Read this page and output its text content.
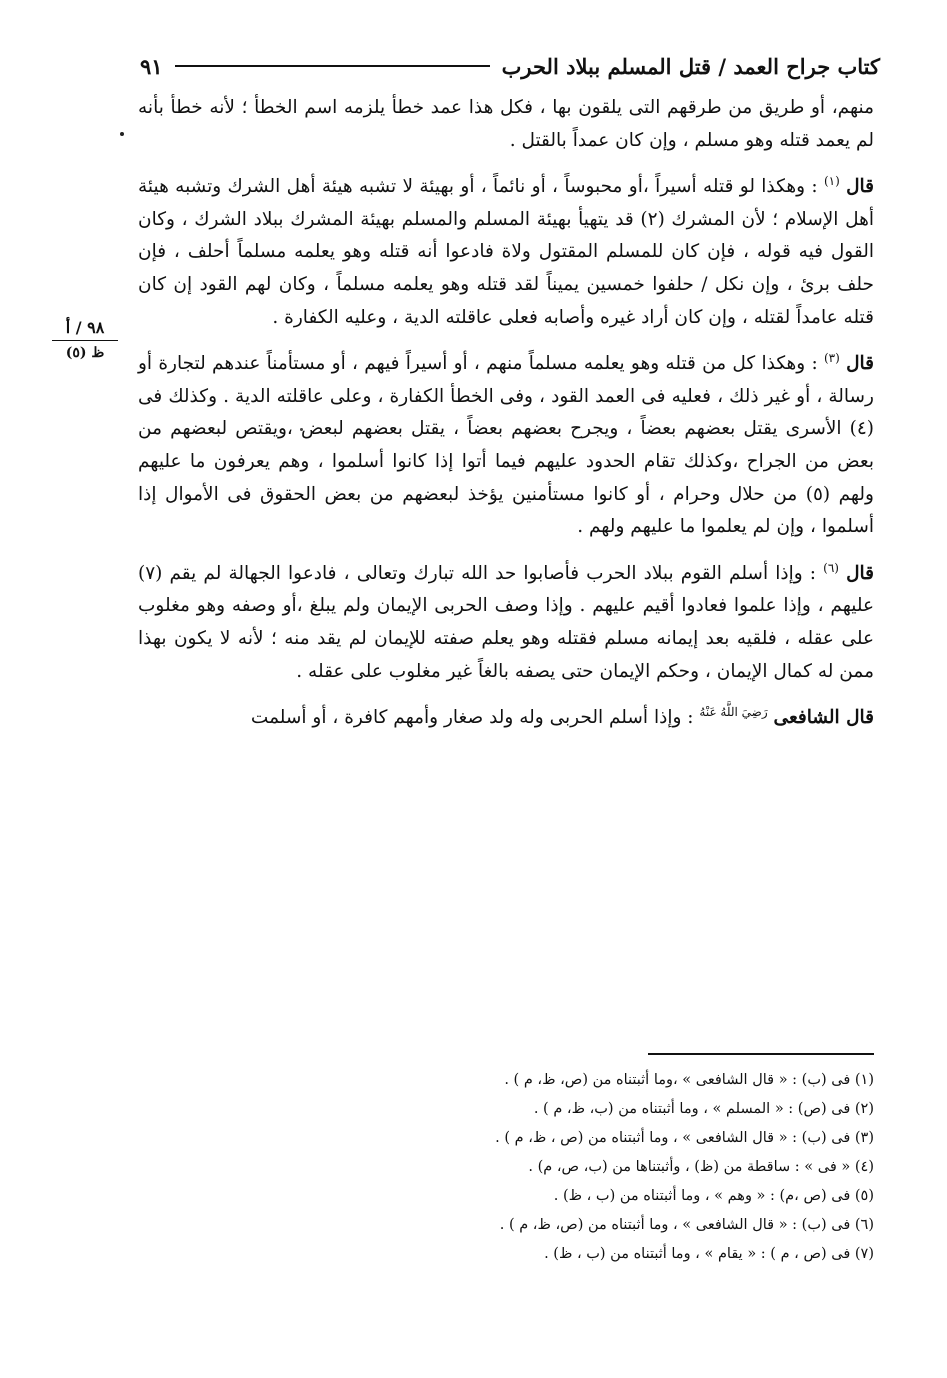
كتاب جراح العمد / قتل المسلم ببلاد الحرب
٩١
٩٨ / أ
ظ (٥)

منهم، أو طريق من طرقهم التى يلقون بها ، فكل هذا عمد خطأ يلزمه اسم الخطأ ؛ لأنه خطأ بأنه لم يعمد قتله وهو مسلم ، وإن كان عمداً بالقتل .

قال $^{(١)}$ : وهكذا لو قتله أسيراً ،أو محبوساً ، أو نائماً ، أو بهيئة لا تشبه هيئة أهل الشرك وتشبه هيئة أهل الإسلام ؛ لأن المشرك (٢) قد يتهيأ بهيئة المسلم والمسلم بهيئة المشرك ببلاد الشرك ، وكان القول فيه قوله ، فإن كان للمسلم المقتول ولاة فادعوا أنه قتله وهو يعلمه مسلماً أحلف ، فإن حلف برئ ، وإن نكل / حلفوا خمسين يميناً لقد قتله وهو يعلمه مسلماً ، وكان لهم القود إن كان قتله عامداً لقتله ، وإن كان أراد غيره وأصابه فعلى عاقلته الدية ، وعليه الكفارة .

قال $^{(٣)}$ : وهكذا كل من قتله وهو يعلمه مسلماً منهم ، أو أسيراً فيهم ، أو مستأمناً عندهم لتجارة أو رسالة ، أو غير ذلك ، فعليه فى العمد القود ، وفى الخطأ الكفارة ، وعلى عاقلته الدية . وكذلك فى (٤) الأسرى يقتل بعضهم بعضاً ، ويجرح بعضهم بعضاً ، يقتل بعضهم لبعض ،ويقتص لبعضهم من بعض من الجراح ،وكذلك تقام الحدود عليهم فيما أتوا إذا كانوا أسلموا ، وهم يعرفون ما عليهم ولهم (٥) من حلال وحرام ، أو كانوا مستأمنين يؤخذ لبعضهم من بعض الحقوق فى الأموال إذا أسلموا ، وإن لم يعلموا ما عليهم ولهم .

قال $^{(٦)}$ : وإذا أسلم القوم ببلاد الحرب فأصابوا حد الله تبارك وتعالى ، فادعوا الجهالة لم يقم (٧) عليهم ، وإذا علموا فعادوا أقيم عليهم . وإذا وصف الحربى الإيمان ولم يبلغ ،أو وصفه وهو مغلوب على عقله ، فلقيه بعد إيمانه مسلم فقتله وهو يعلم صفته للإيمان لم يقد منه ؛ لأنه لا يكون بهذا ممن له كمال الإيمان ، وحكم الإيمان حتى يصفه بالغاً غير مغلوب على عقله .

قال الشافعى $^{رَضِيَ اللَّهُ عَنْهُ}$ : وإذا أسلم الحربى وله ولد صغار وأمهم كافرة ، أو أسلمت

(١) فى (ب) : « قال الشافعى » ،وما أثبتناه من (ص، ظ، م ) .
(٢) فى (ص) : « المسلم » ، وما أثبتناه من (ب، ظ، م ) .
(٣) فى (ب) : « قال الشافعى » ، وما أثبتناه من (ص ، ظ، م ) .
(٤) « فى » : ساقطة من (ظ) ، وأثبتناها من (ب، ص، م) .
(٥) فى (ص ،م) : « وهم » ، وما أثبتناه من (ب ، ظ) .
(٦) فى (ب) : « قال الشافعى » ، وما أثبتناه من (ص، ظ، م ) .
(٧) فى (ص ، م ) : « يقام » ، وما أثبتناه من (ب ، ظ) .
